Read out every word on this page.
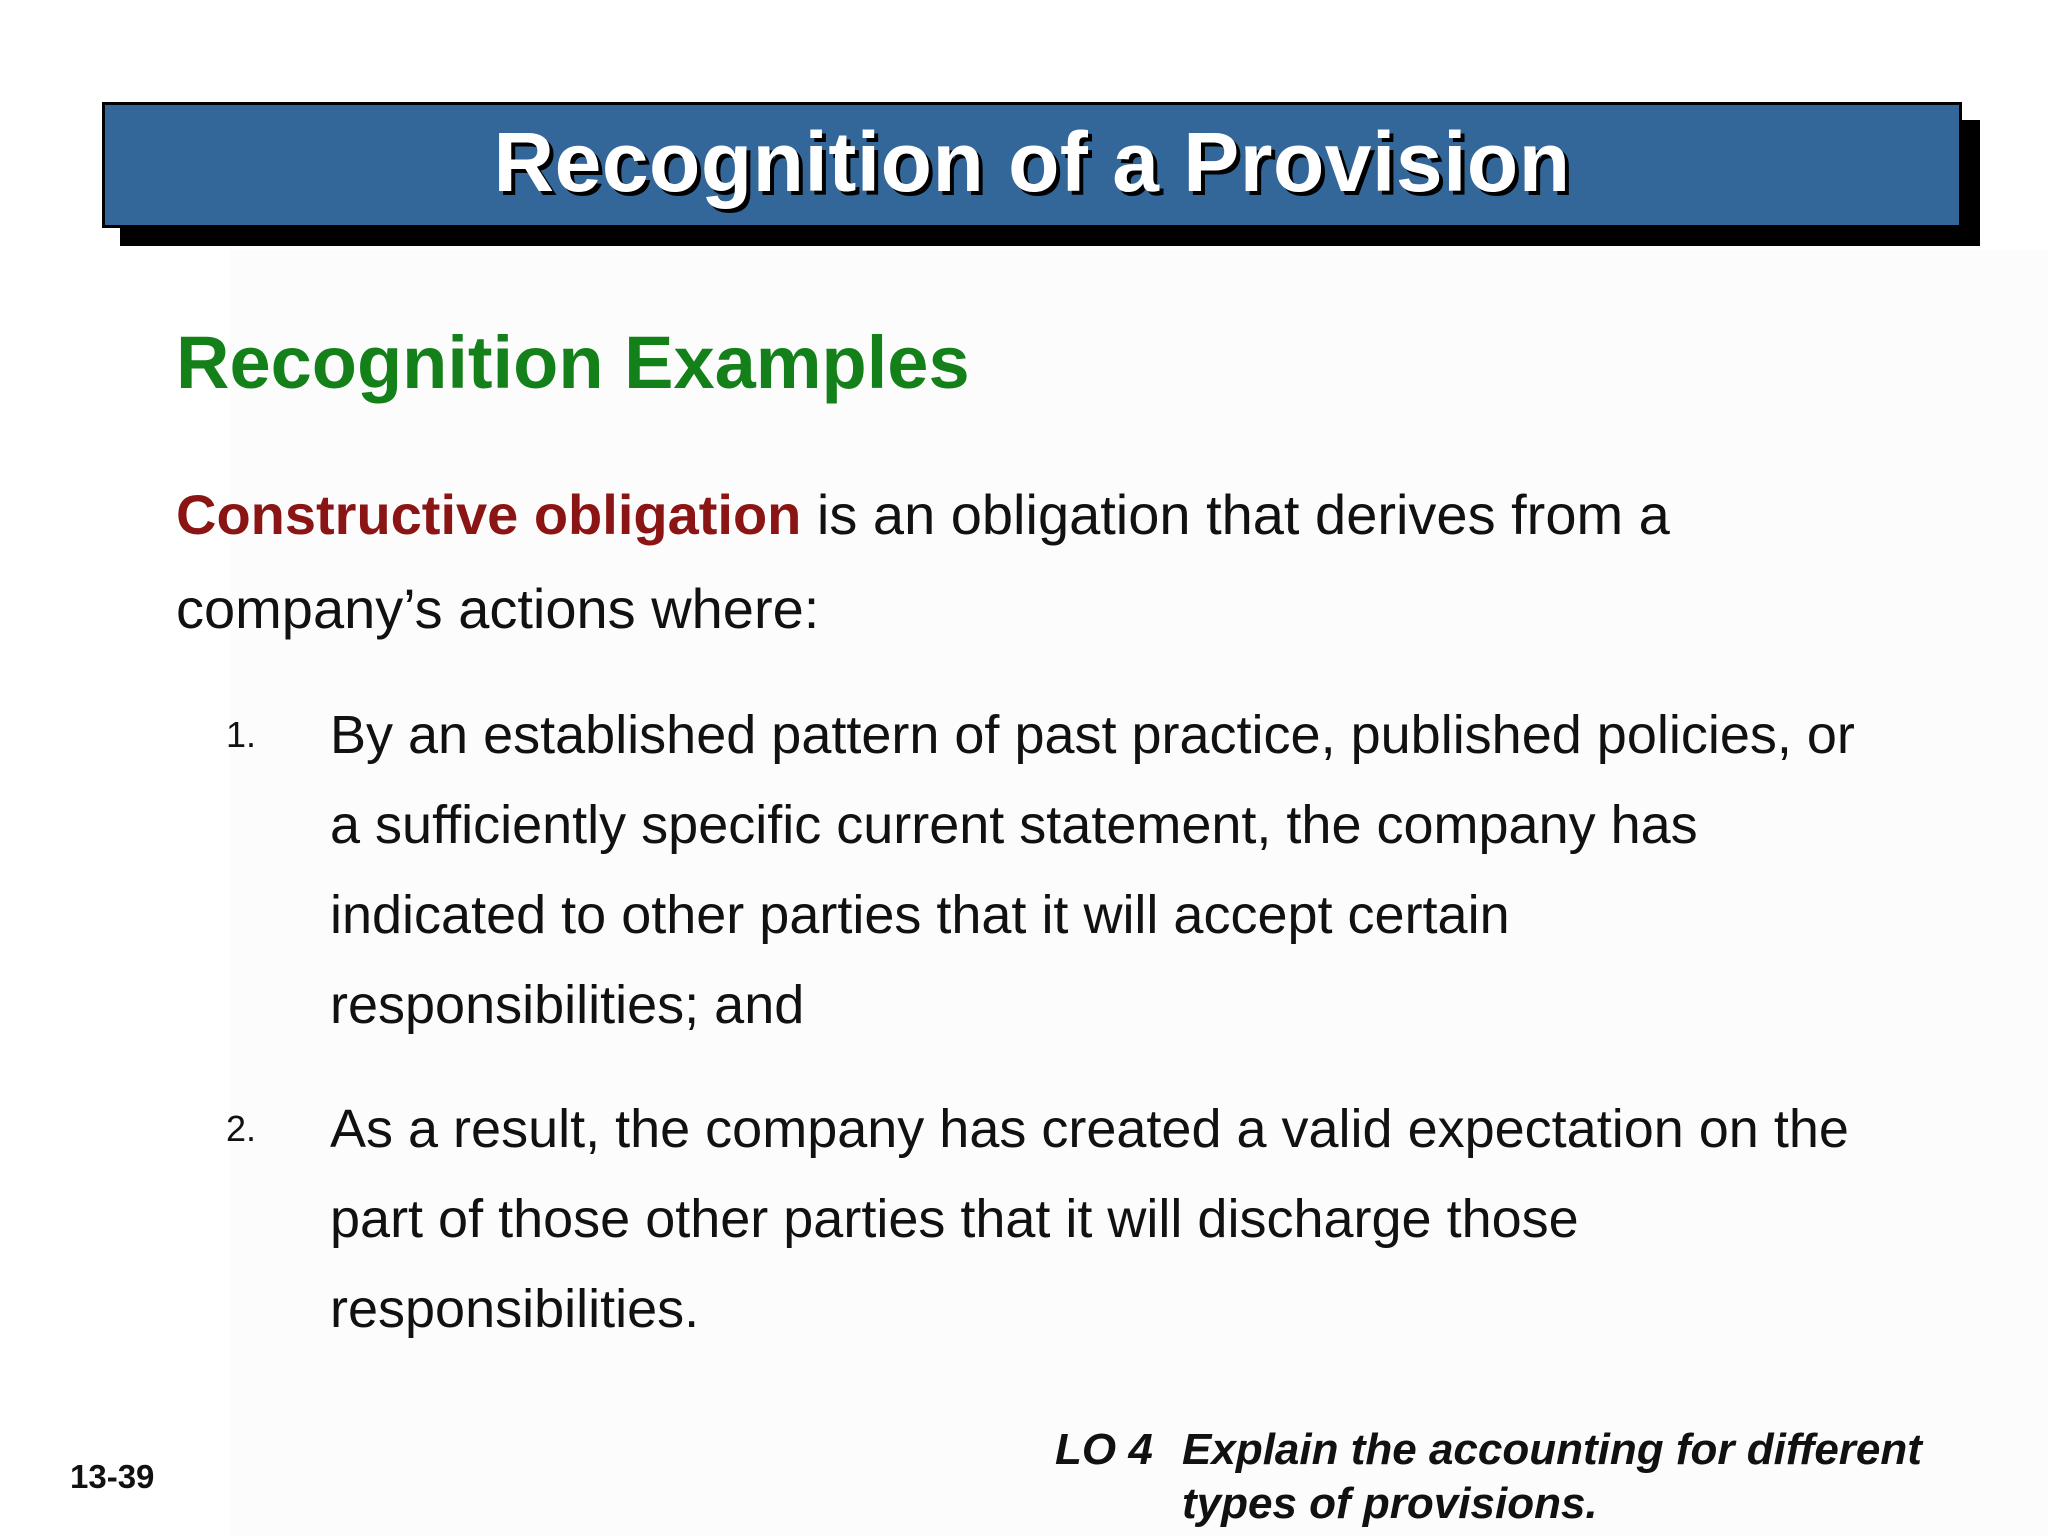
Recognition of a Provision
Recognition Examples

Constructive obligation is an obligation that derives from a company’s actions where:

1.	By an established pattern of past practice, published policies, or a sufficiently specific current statement, the company has indicated to other parties that it will accept certain responsibilities; and
2.	As a result, the company has created a valid expectation on the part of those other parties that it will discharge those responsibilities.
13-39
LO 4 Explain the accounting for different types of provisions.
